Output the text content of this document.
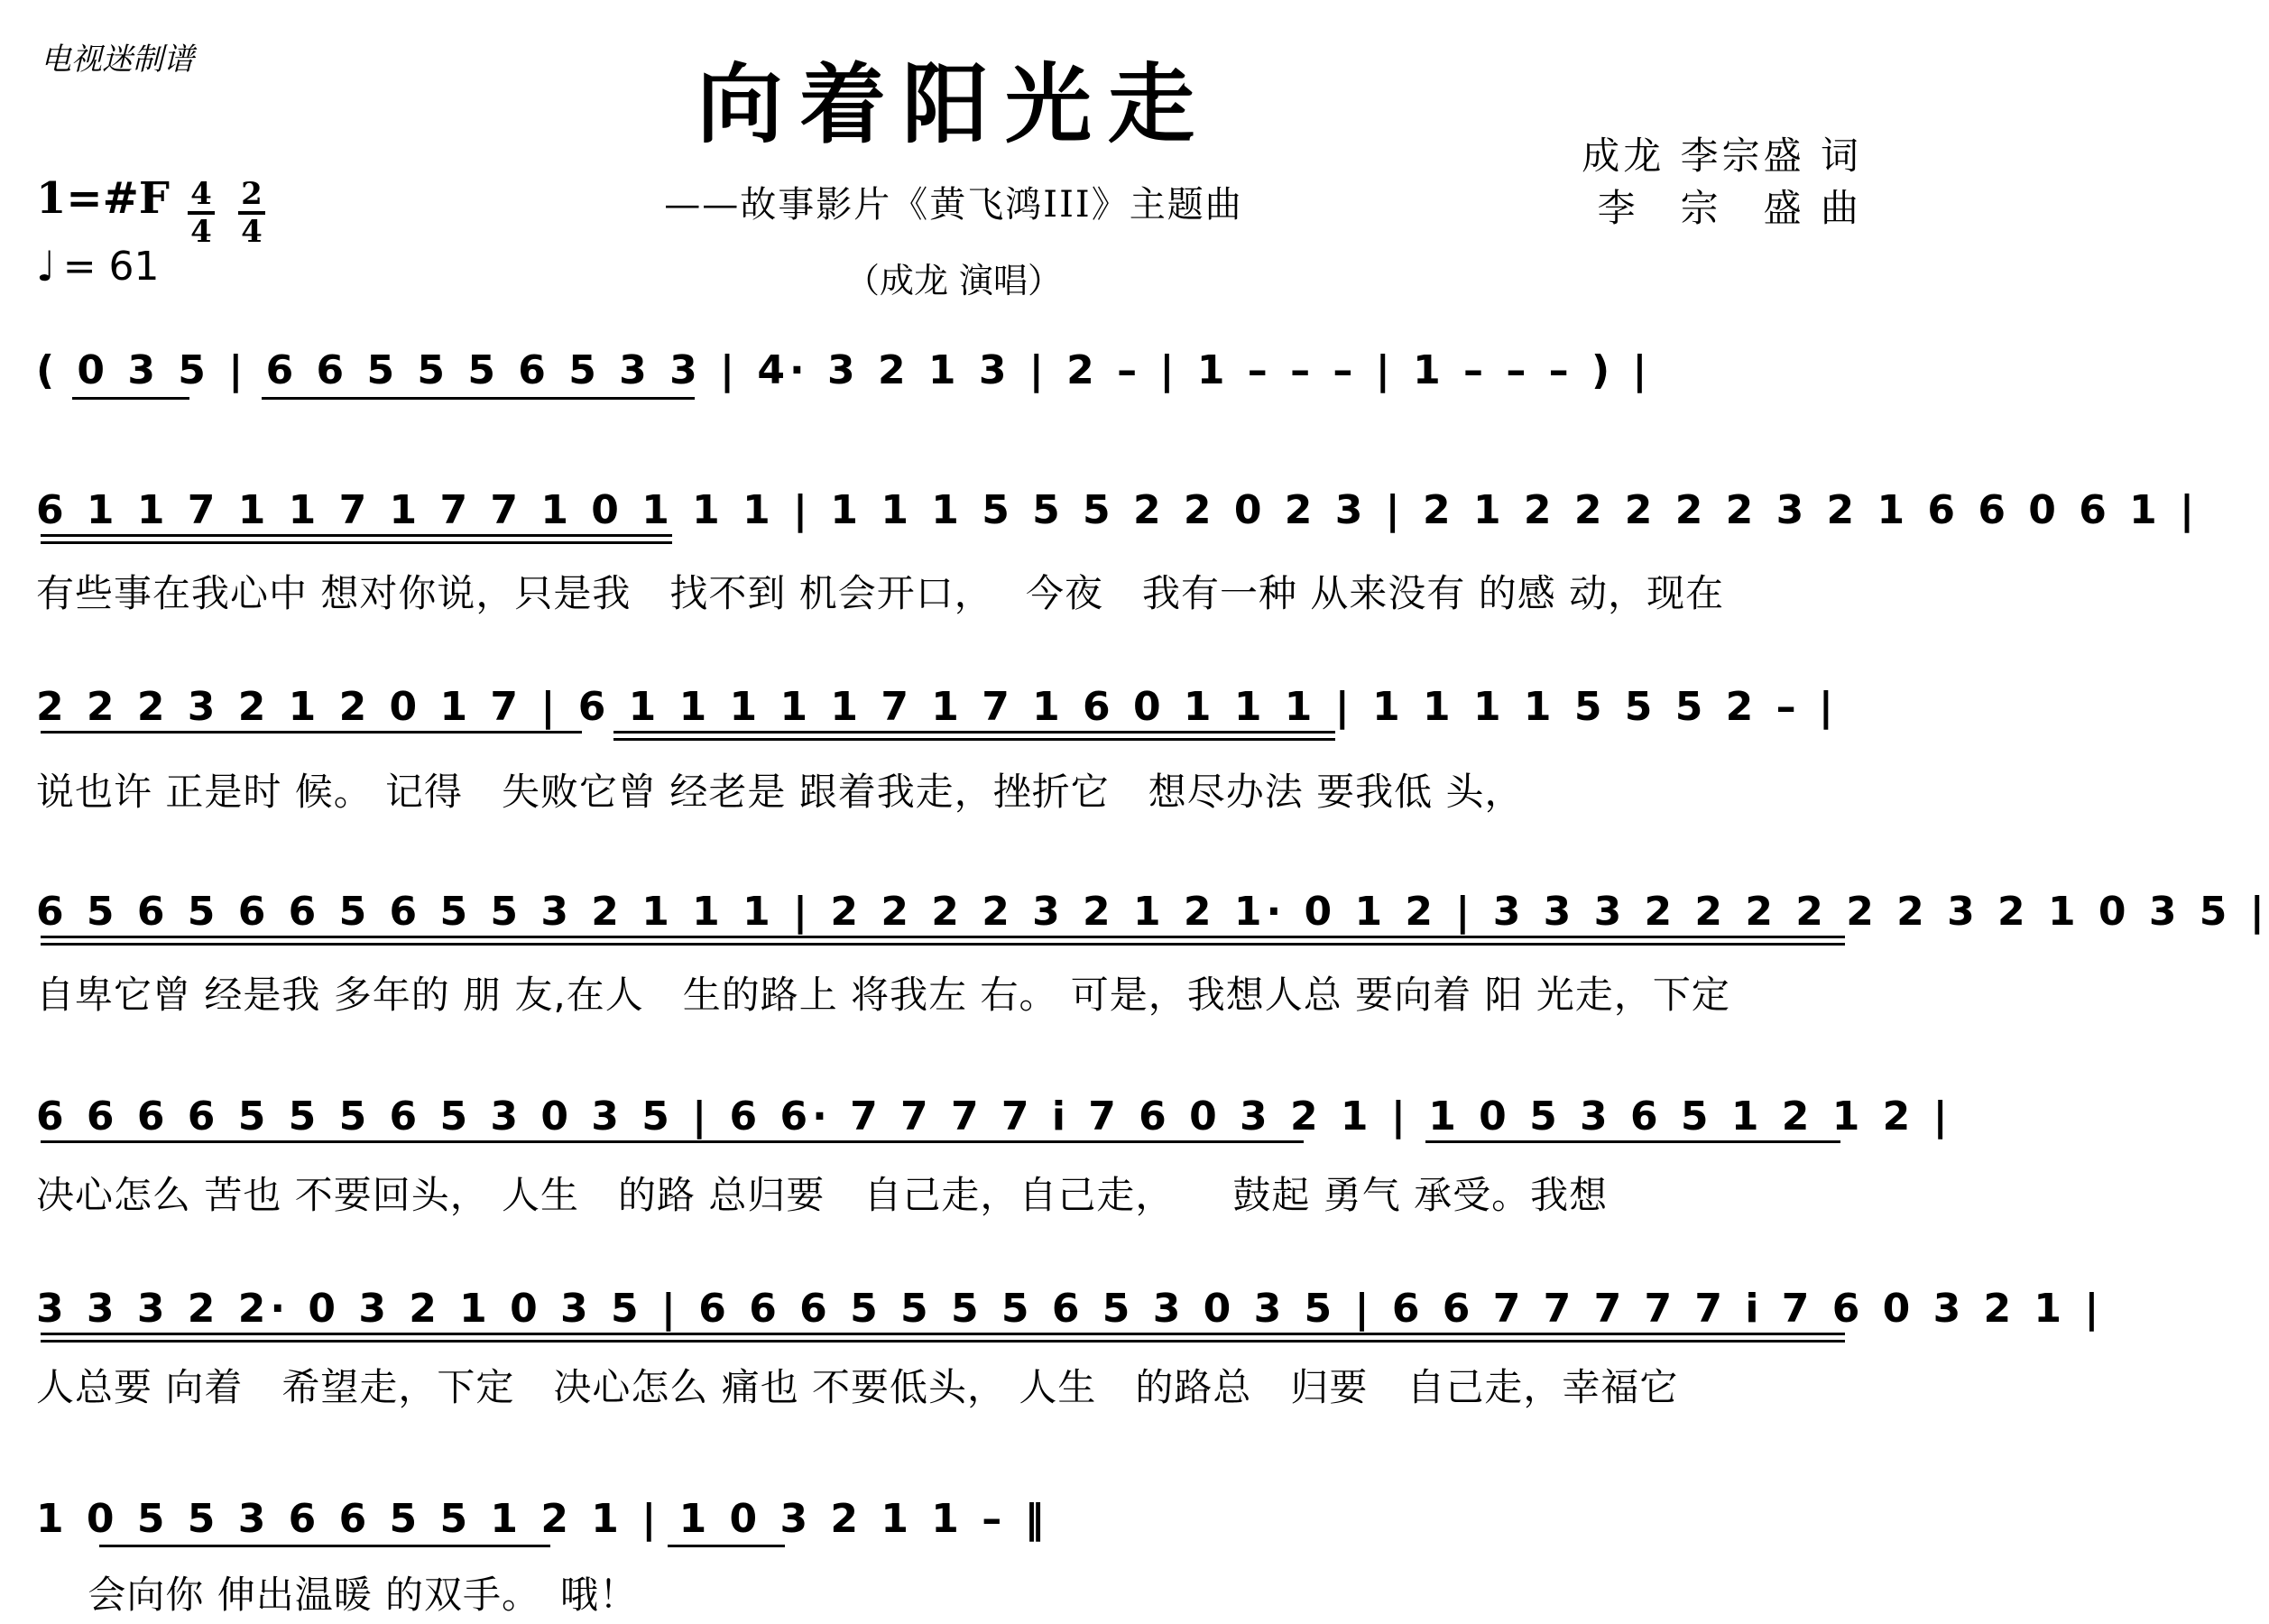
电视迷制谱	向着阳光走
——故事影片《黄飞鸿III》主题曲
（成龙 演唱）
成龙 李宗盛 词
李　宗　盛 曲
1=#F $\frac{4}{4} \frac{2}{4}$
♩ = 61
( 0 3 5 | 6 6 5 5 5 6 5 3 3 | 4· 3 2 1 3 | 2 – | 1 – – – | 1 – – – ) |
6 1 1 7 1 1 7 1 7 7 1 0 1 1 1 | 1 1 1 5 5 5 2 2 0 2 3 | 2 1 2 2 2 2 2 3 2 1 6 6 0 6 1 |
有些事在我心中 想对你说，只是我　找不到 机会开口，　 今夜　我有一种 从来没有 的感 动，现在
2 2 2 3 2 1 2 0 1 7 | 6 1 1 1 1 1 7 1 7 1 6 0 1 1 1 | 1 1 1 1 5 5 5 2 – |
说也许 正是时 候。 记得　失败它曾 经老是 跟着我走，挫折它　想尽办法 要我低 头，
6 5 6 5 6 6 5 6 5 5 3 2 1 1 1 | 2 2 2 2 3 2 1 2 1· 0 1 2 | 3 3 3 2 2 2 2 2 2 3 2 1 0 3 5 |
自卑它曾 经是我 多年的 朋 友,在人　生的路上 将我左 右。 可是，我想人总 要向着 阳 光走，下定
6 6 6 6 5 5 5 6 5 3 0 3 5 | 6 6· 7 7 7 7 i 7 6 0 3 2 1 | 1 0 5 3 6 5 1 2 1 2 |
决心怎么 苦也 不要回头， 人生　的路 总归要　自己走，自己走，　　鼓起 勇气 承受。我想
3 3 3 2 2· 0 3 2 1 0 3 5 | 6 6 6 5 5 5 5 6 5 3 0 3 5 | 6 6 7 7 7 7 7 i 7 6 0 3 2 1 |
人总要 向着　希望走，下定　决心怎么 痛也 不要低头， 人生　的路总　归要　自己走，幸福它
1 0 5 5 3 6 6 5 5 1 2 1 | 1 0 3 2 1 1 – ‖
　 会向你 伸出温暖 的双手。　哦！
